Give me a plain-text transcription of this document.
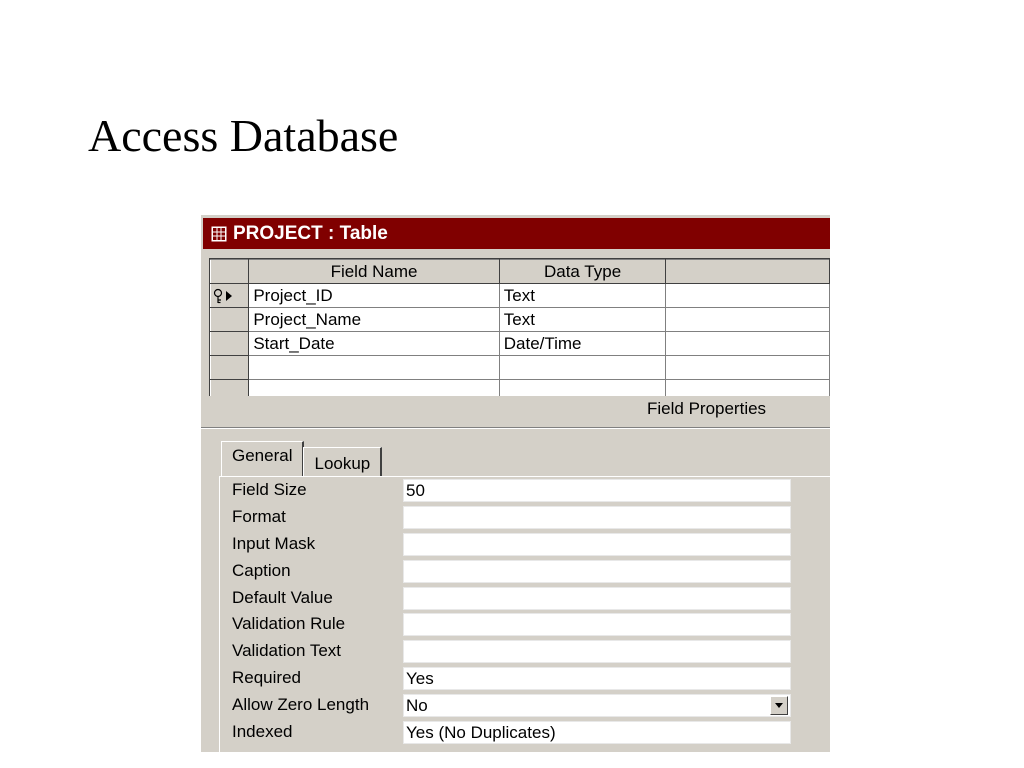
Access Database
PROJECT : Table
	Field Name	Data Type	

	Project_ID	Text	
	Project_Name	Text	
	Start_Date	Date/Time	

Field Properties
General	Lookup
Field Size	50
Format
Input Mask
Caption
Default Value
Validation Rule
Validation Text
Required	Yes
Allow Zero Length	No
Indexed	Yes (No Duplicates)
